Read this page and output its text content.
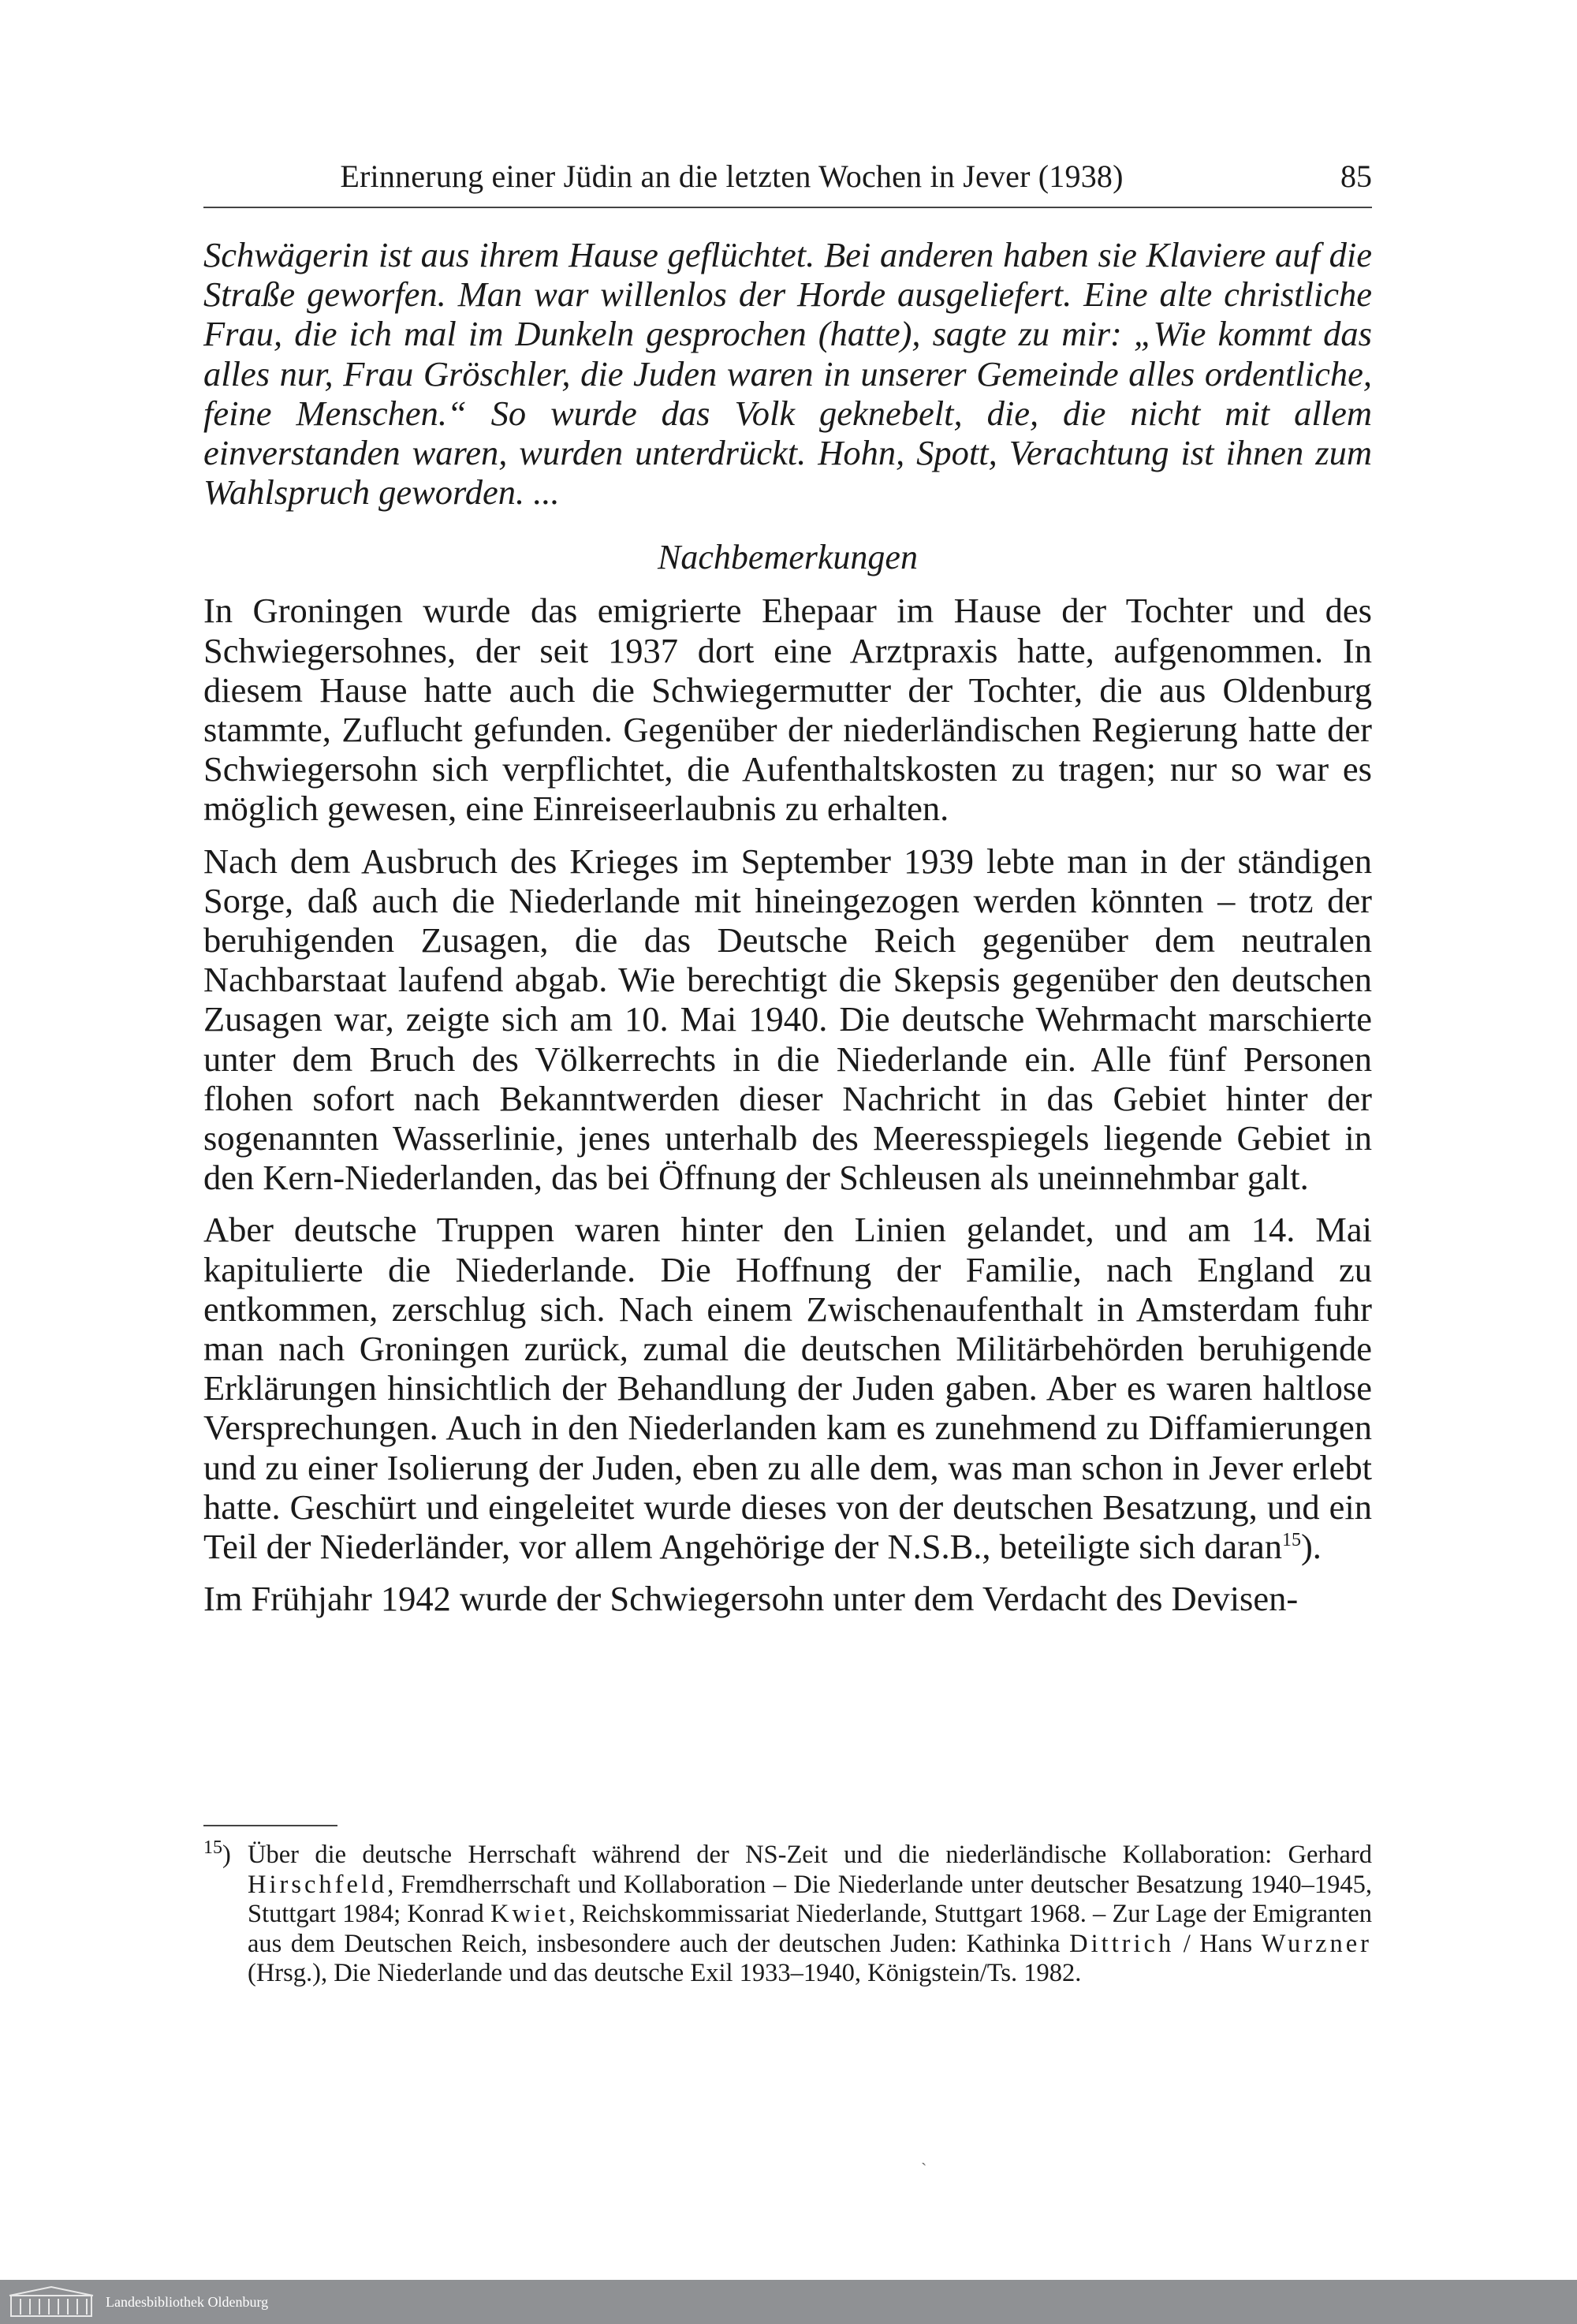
Erinnerung einer Jüdin an die letzten Wochen in Jever (1938)	85

Schwägerin ist aus ihrem Hause geflüchtet. Bei anderen haben sie Klaviere auf die Straße geworfen. Man war willenlos der Horde ausgeliefert. Eine alte christliche Frau, die ich mal im Dunkeln gesprochen (hatte), sagte zu mir: „Wie kommt das alles nur, Frau Gröschler, die Juden waren in unserer Gemeinde alles ordentliche, feine Menschen.“ So wurde das Volk geknebelt, die, die nicht mit allem einverstanden waren, wurden unterdrückt. Hohn, Spott, Verachtung ist ihnen zum Wahlspruch geworden. ...

Nachbemerkungen

In Groningen wurde das emigrierte Ehepaar im Hause der Tochter und des Schwiegersohnes, der seit 1937 dort eine Arztpraxis hatte, aufgenommen. In diesem Hause hatte auch die Schwiegermutter der Tochter, die aus Oldenburg stammte, Zuflucht gefunden. Gegenüber der niederländischen Regierung hatte der Schwiegersohn sich verpflichtet, die Aufenthaltskosten zu tragen; nur so war es möglich gewesen, eine Einreiseerlaubnis zu erhalten.

Nach dem Ausbruch des Krieges im September 1939 lebte man in der ständigen Sorge, daß auch die Niederlande mit hineingezogen werden könnten – trotz der beruhigenden Zusagen, die das Deutsche Reich gegenüber dem neutralen Nachbarstaat laufend abgab. Wie berechtigt die Skepsis gegenüber den deutschen Zusagen war, zeigte sich am 10. Mai 1940. Die deutsche Wehrmacht marschierte unter dem Bruch des Völkerrechts in die Niederlande ein. Alle fünf Personen flohen sofort nach Bekanntwerden dieser Nachricht in das Gebiet hinter der sogenannten Wasserlinie, jenes unterhalb des Meeresspiegels liegende Gebiet in den Kern-Niederlanden, das bei Öffnung der Schleusen als uneinnehmbar galt.

Aber deutsche Truppen waren hinter den Linien gelandet, und am 14. Mai kapitulierte die Niederlande. Die Hoffnung der Familie, nach England zu entkommen, zerschlug sich. Nach einem Zwischenaufenthalt in Amsterdam fuhr man nach Groningen zurück, zumal die deutschen Militärbehörden beruhigende Erklärungen hinsichtlich der Behandlung der Juden gaben. Aber es waren haltlose Versprechungen. Auch in den Niederlanden kam es zunehmend zu Diffamierungen und zu einer Isolierung der Juden, eben zu alle dem, was man schon in Jever erlebt hatte. Geschürt und eingeleitet wurde dieses von der deutschen Besatzung, und ein Teil der Niederländer, vor allem Angehörige der N.S.B., beteiligte sich daran$^{15}$).

Im Frühjahr 1942 wurde der Schwiegersohn unter dem Verdacht des Devisen-

$^{15}$) Über die deutsche Herrschaft während der NS-Zeit und die niederländische Kollaboration: Gerhard Hirschfeld, Fremdherrschaft und Kollaboration – Die Niederlande unter deutscher Besatzung 1940–1945, Stuttgart 1984; Konrad Kwiet, Reichskommissariat Niederlande, Stuttgart 1968. – Zur Lage der Emigranten aus dem Deutschen Reich, insbesondere auch der deutschen Juden: Kathinka Dittrich / Hans Wurzner (Hrsg.), Die Niederlande und das deutsche Exil 1933–1940, Königstein/Ts. 1982.

ˋ
Landesbibliothek Oldenburg
